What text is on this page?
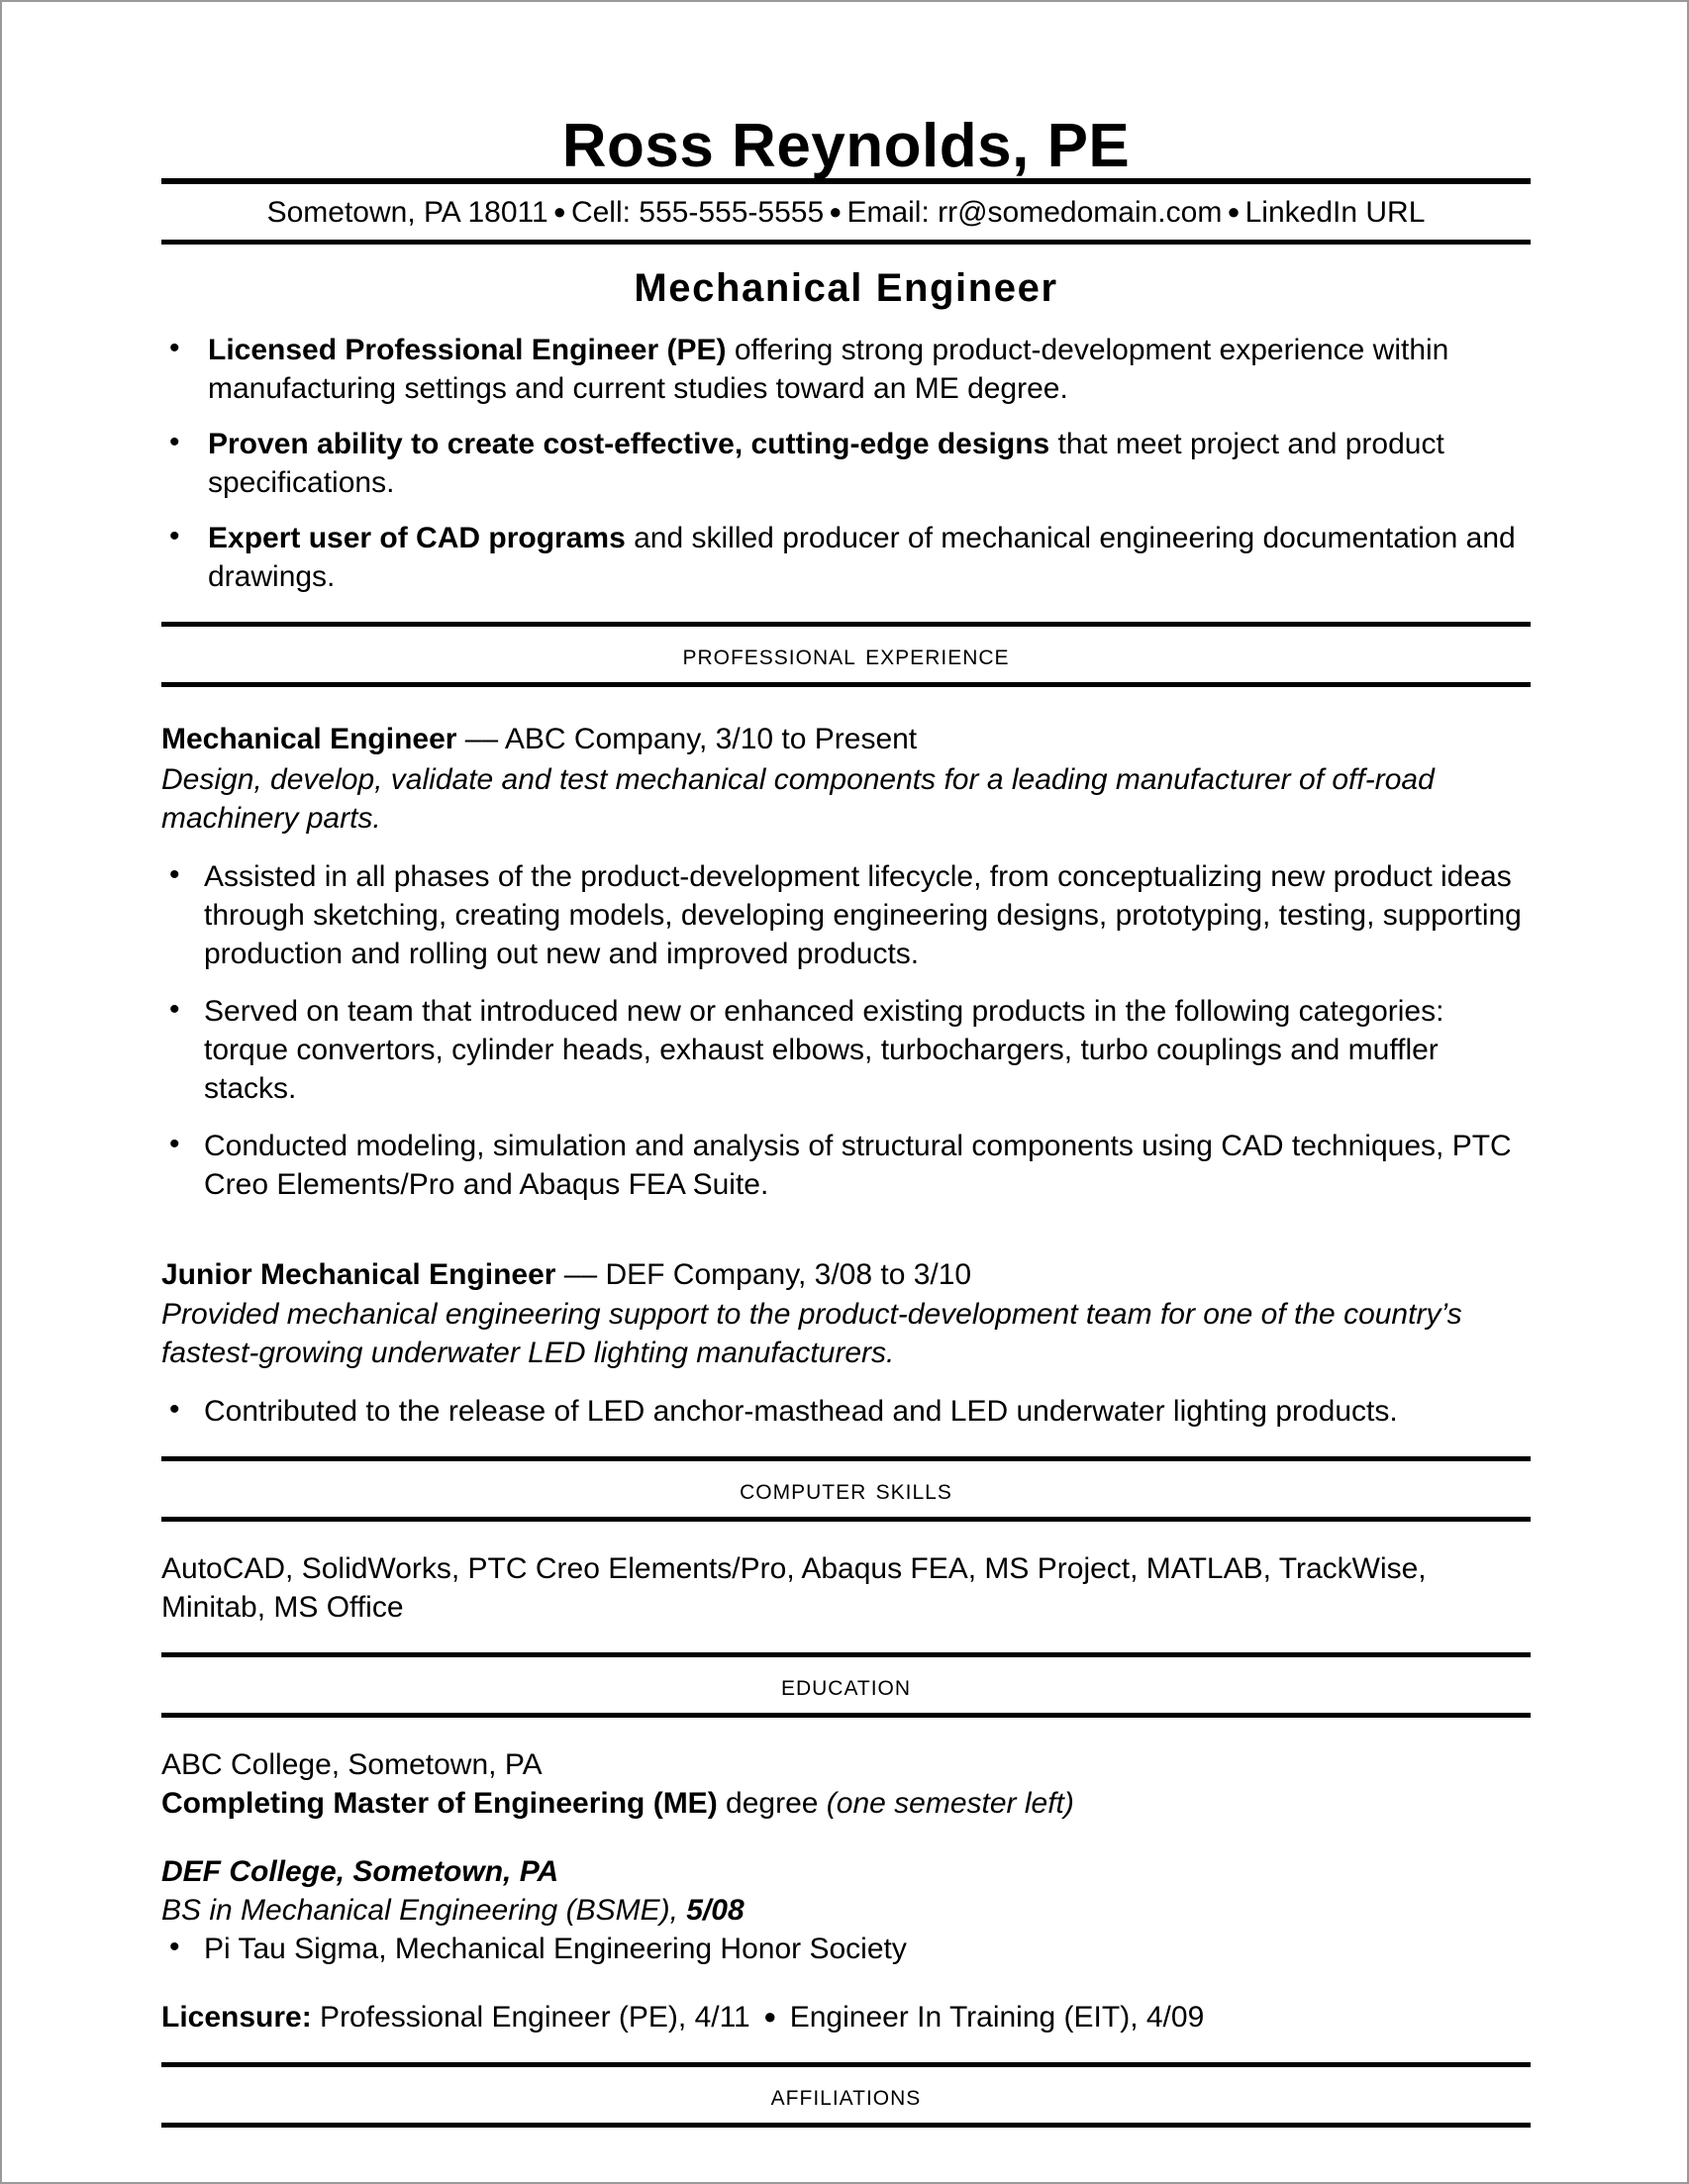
Ross Reynolds, PE
Sometown, PA 18011 ● Cell: 555-555-5555 ● Email: rr@somedomain.com ● LinkedIn URL
Mechanical Engineer
• Licensed Professional Engineer (PE) offering strong product-development experience within manufacturing settings and current studies toward an ME degree.
• Proven ability to create cost-effective, cutting-edge designs that meet project and product specifications.
• Expert user of CAD programs and skilled producer of mechanical engineering documentation and drawings.
professional experience
Mechanical Engineer –– ABC Company, 3/10 to Present
Design, develop, validate and test mechanical components for a leading manufacturer of off-road machinery parts.
• Assisted in all phases of the product-development lifecycle, from conceptualizing new product ideas through sketching, creating models, developing engineering designs, prototyping, testing, supporting production and rolling out new and improved products.
• Served on team that introduced new or enhanced existing products in the following categories: torque convertors, cylinder heads, exhaust elbows, turbochargers, turbo couplings and muffler stacks.
• Conducted modeling, simulation and analysis of structural components using CAD techniques, PTC Creo Elements/Pro and Abaqus FEA Suite.
Junior Mechanical Engineer –– DEF Company, 3/08 to 3/10
Provided mechanical engineering support to the product-development team for one of the country’s fastest-growing underwater LED lighting manufacturers.
• Contributed to the release of LED anchor-masthead and LED underwater lighting products.
computer skills
AutoCAD, SolidWorks, PTC Creo Elements/Pro, Abaqus FEA, MS Project, MATLAB, TrackWise, Minitab, MS Office
education
ABC College, Sometown, PA
Completing Master of Engineering (ME) degree (one semester left)
DEF College, Sometown, PA
BS in Mechanical Engineering (BSME), 5/08
• Pi Tau Sigma, Mechanical Engineering Honor Society
Licensure: Professional Engineer (PE), 4/11 ● Engineer In Training (EIT), 4/09
affiliations
